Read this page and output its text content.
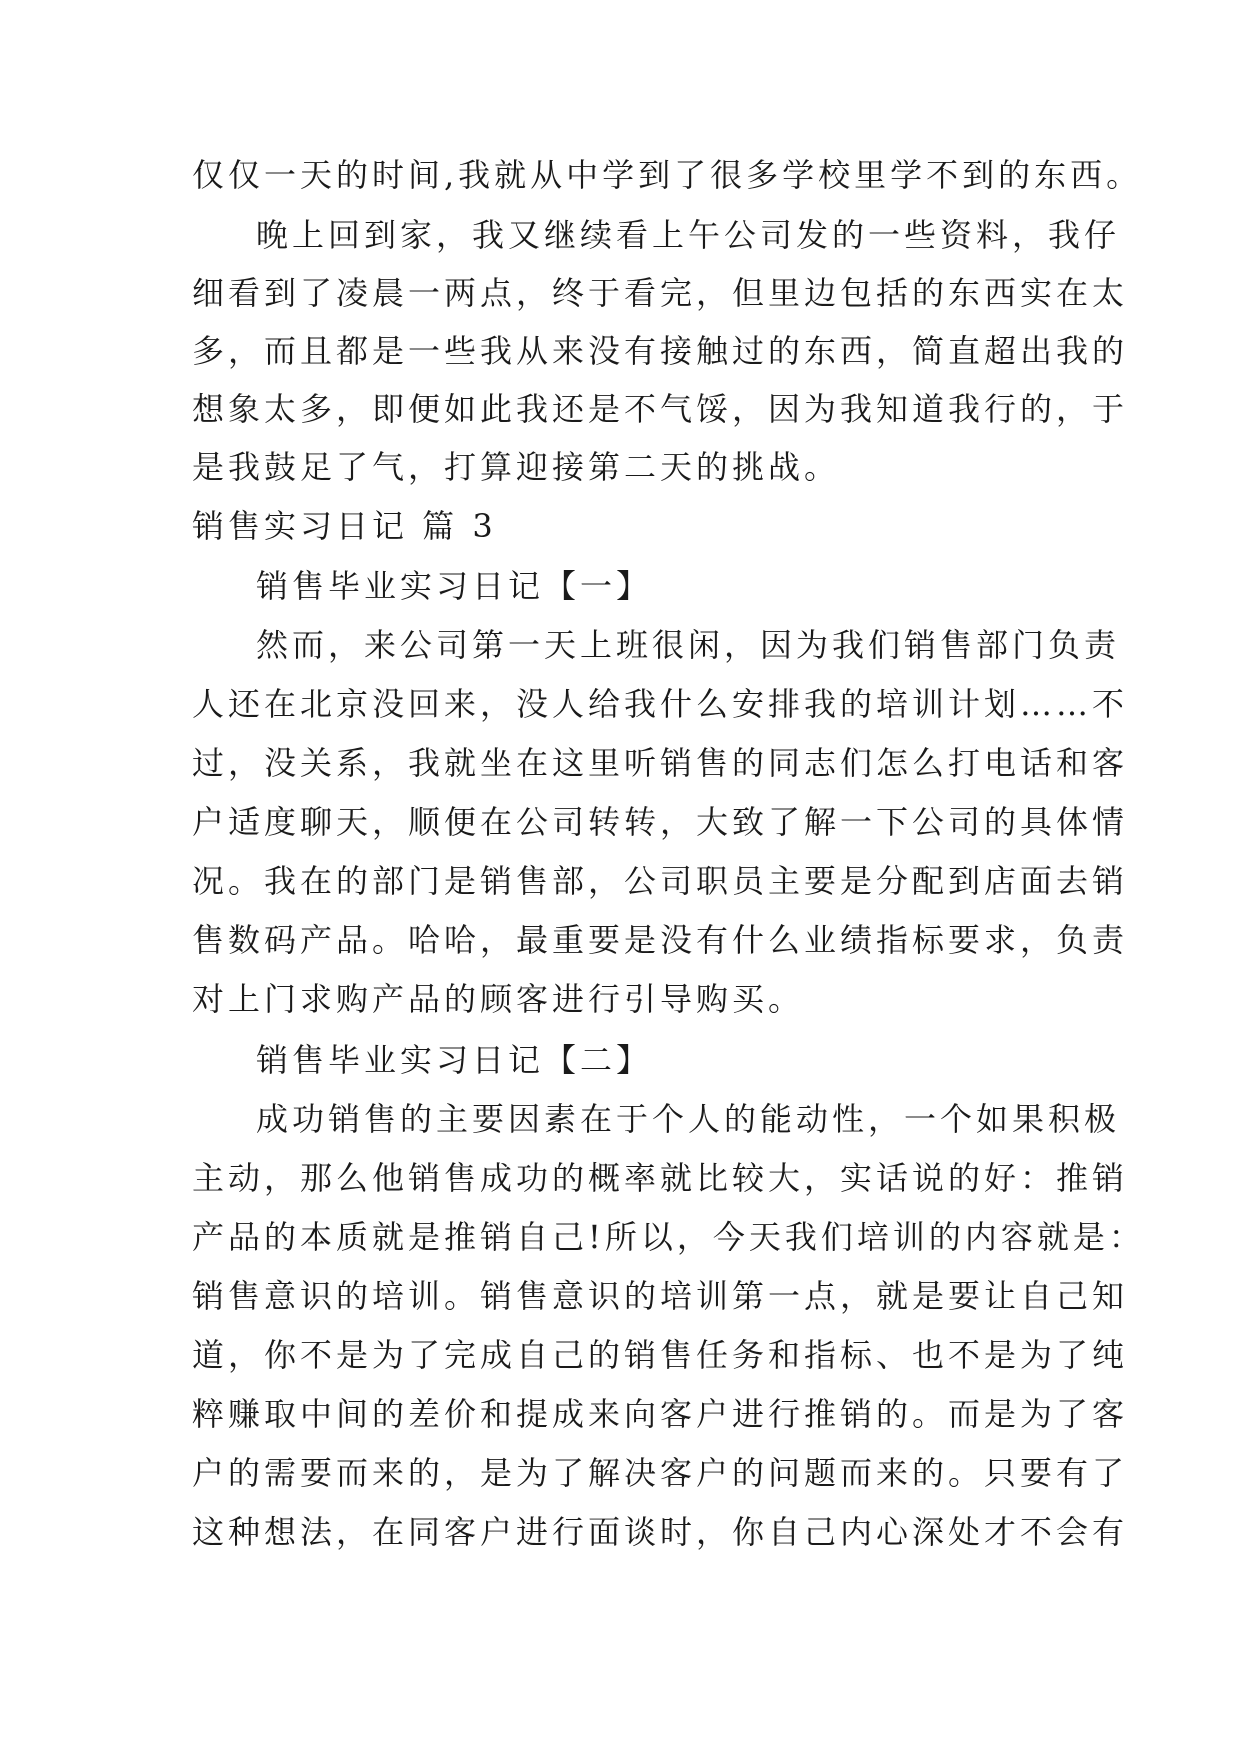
仅仅一天的时间,我就从中学到了很多学校里学不到的东西。
晚上回到家，我又继续看上午公司发的一些资料，我仔
细看到了凌晨一两点，终于看完，但里边包括的东西实在太
多，而且都是一些我从来没有接触过的东西，简直超出我的
想象太多，即便如此我还是不气馁，因为我知道我行的，于
是我鼓足了气，打算迎接第二天的挑战。
销售实习日记 篇 3
销售毕业实习日记【一】
然而，来公司第一天上班很闲，因为我们销售部门负责
人还在北京没回来，没人给我什么安排我的培训计划……不
过，没关系，我就坐在这里听销售的同志们怎么打电话和客
户适度聊天，顺便在公司转转，大致了解一下公司的具体情
况。我在的部门是销售部，公司职员主要是分配到店面去销
售数码产品。哈哈，最重要是没有什么业绩指标要求，负责
对上门求购产品的顾客进行引导购买。
销售毕业实习日记【二】
成功销售的主要因素在于个人的能动性，一个如果积极
主动，那么他销售成功的概率就比较大，实话说的好：推销
产品的本质就是推销自己!所以，今天我们培训的内容就是：
销售意识的培训。销售意识的培训第一点，就是要让自己知
道，你不是为了完成自己的销售任务和指标、也不是为了纯
粹赚取中间的差价和提成来向客户进行推销的。而是为了客
户的需要而来的，是为了解决客户的问题而来的。只要有了
这种想法，在同客户进行面谈时，你自己内心深处才不会有
